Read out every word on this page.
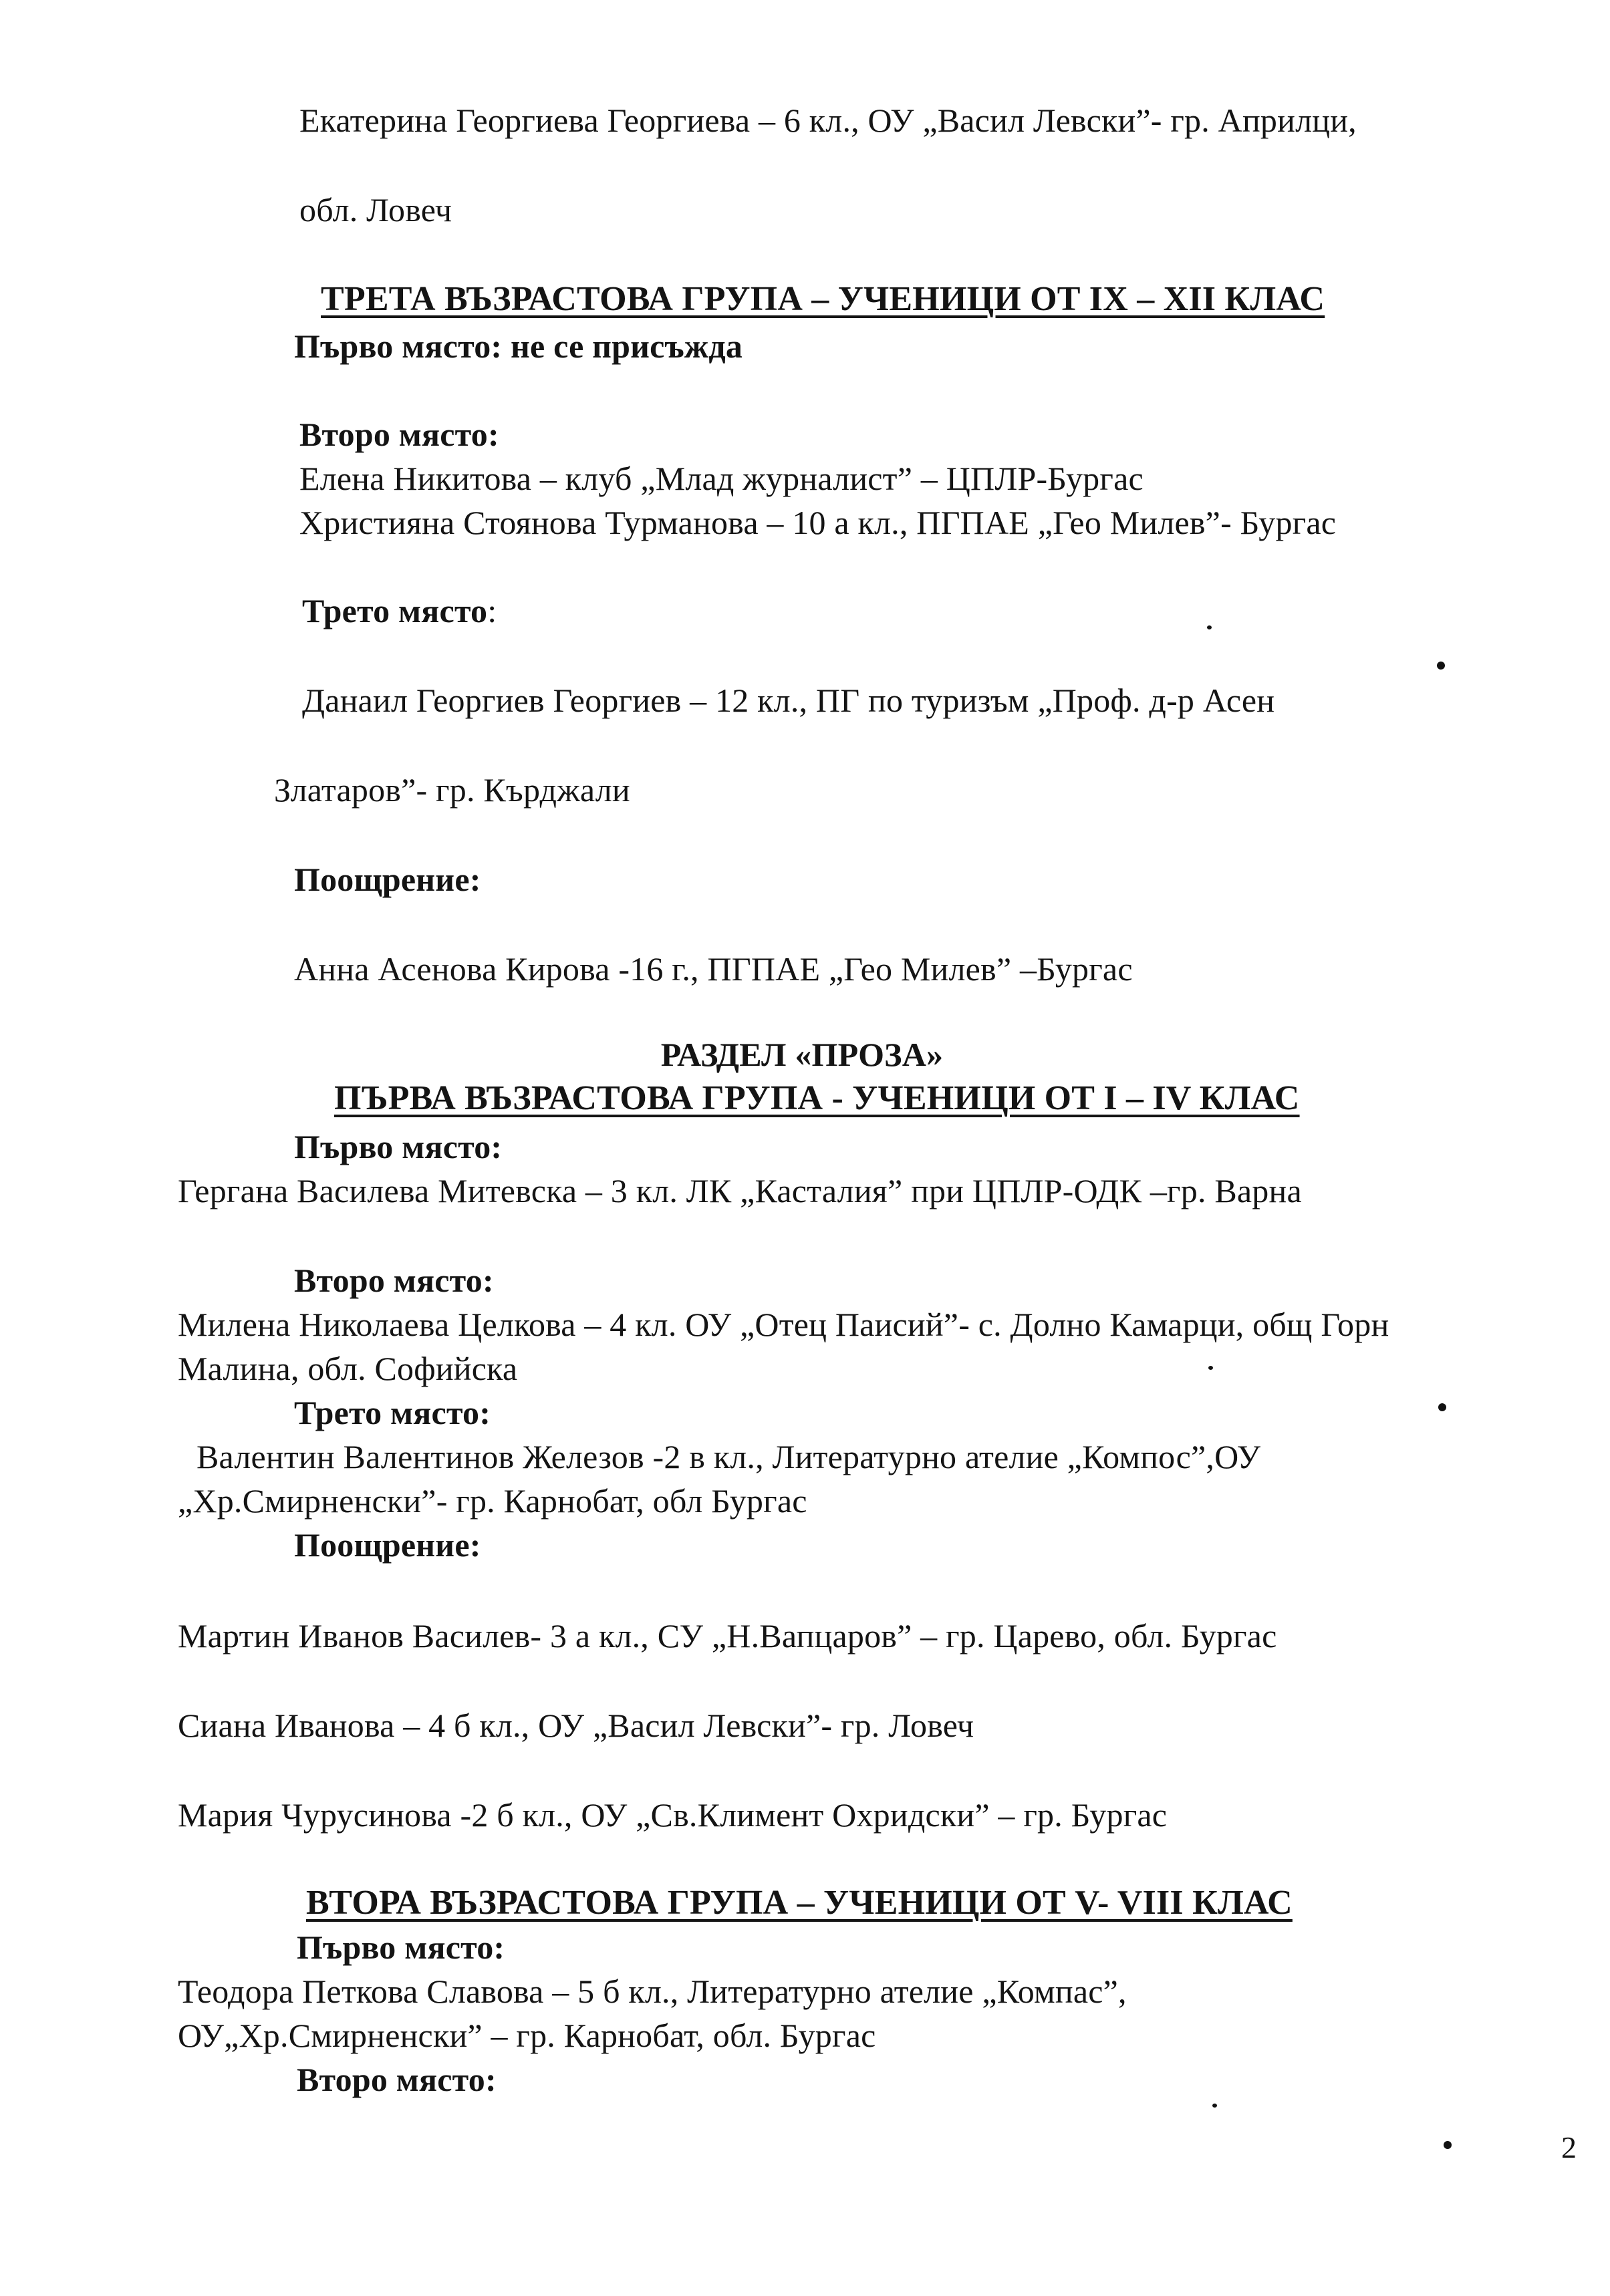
Екатерина Георгиева Георгиева – 6 кл., ОУ „Васил Левски”- гр. Априлци,
обл. Ловеч
ТРЕТА ВЪЗРАСТОВА ГРУПА – УЧЕНИЦИ ОТ IX – XII КЛАС
Първо място: не се присъжда
Второ място:
Елена Никитова – клуб „Млад журналист” – ЦПЛР-Бургас
Християна Стоянова Турманова – 10 а кл., ПГПАЕ „Гео Милев”- Бургас
Трето място:
Данаил Георгиев Георгиев – 12 кл., ПГ по туризъм „Проф. д-р Асен
Златаров”- гр. Кърджали
Поощрение:
Анна Асенова Кирова -16 г., ПГПАЕ „Гео Милев” –Бургас
РАЗДЕЛ «ПРОЗА»
ПЪРВА ВЪЗРАСТОВА ГРУПА - УЧЕНИЦИ ОТ I – IV КЛАС
Първо място:
Гергана Василева Митевска – 3 кл. ЛК „Касталия” при ЦПЛР-ОДК –гр. Варна
Второ място:
Милена Николаева Целкова – 4 кл. ОУ „Отец Паисий”- с. Долно Камарци, общ Горн
Малина, обл. Софийска
Трето място:
Валентин Валентинов Железов -2 в кл., Литературно ателие „Компос”,ОУ
„Хр.Смирненски”- гр. Карнобат, обл Бургас
Поощрение:
Мартин Иванов Василев- 3 а кл., СУ „Н.Вапцаров” – гр. Царево, обл. Бургас
Сиана Иванова – 4 б кл., ОУ „Васил Левски”- гр. Ловеч
Мария Чурусинова -2 б кл., ОУ „Св.Климент Охридски” – гр. Бургас
ВТОРА ВЪЗРАСТОВА ГРУПА – УЧЕНИЦИ ОТ V- VIII КЛАС
Първо място:
Теодора Петкова Славова – 5 б кл., Литературно ателие „Компас”,
ОУ„Хр.Смирненски” – гр. Карнобат, обл. Бургас
Второ място:
2
